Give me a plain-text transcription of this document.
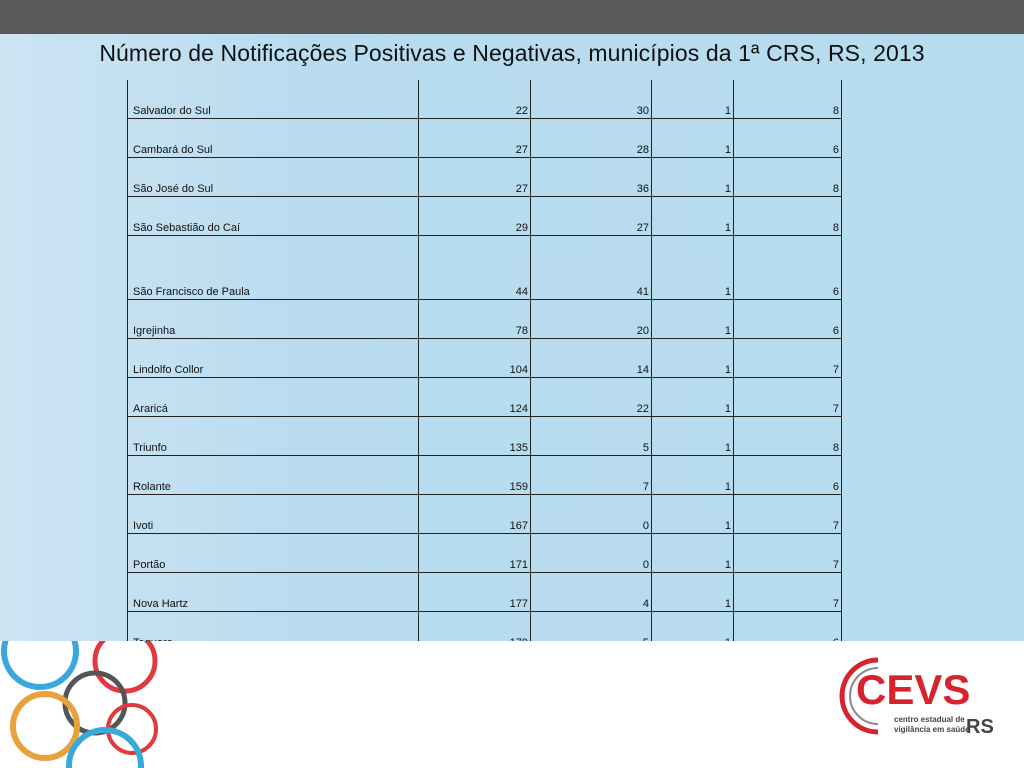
Número de Notificações Positivas e Negativas, municípios da 1ª CRS, RS, 2013
Salvador do Sul	22	30	1	8
Cambará do Sul	27	28	1	6
São José do Sul	27	36	1	8
São Sebastião do Caí	29	27	1	8
São Francisco de Paula	44	41	1	6
Igrejinha	78	20	1	6
Lindolfo Collor	104	14	1	7
Araricá	124	22	1	7
Triunfo	135	5	1	8
Rolante	159	7	1	6
Ivoti	167	0	1	7
Portão	171	0	1	7
Nova Hartz	177	4	1	7

CEVS
centro estadual de
vigilância em saúde
RS
